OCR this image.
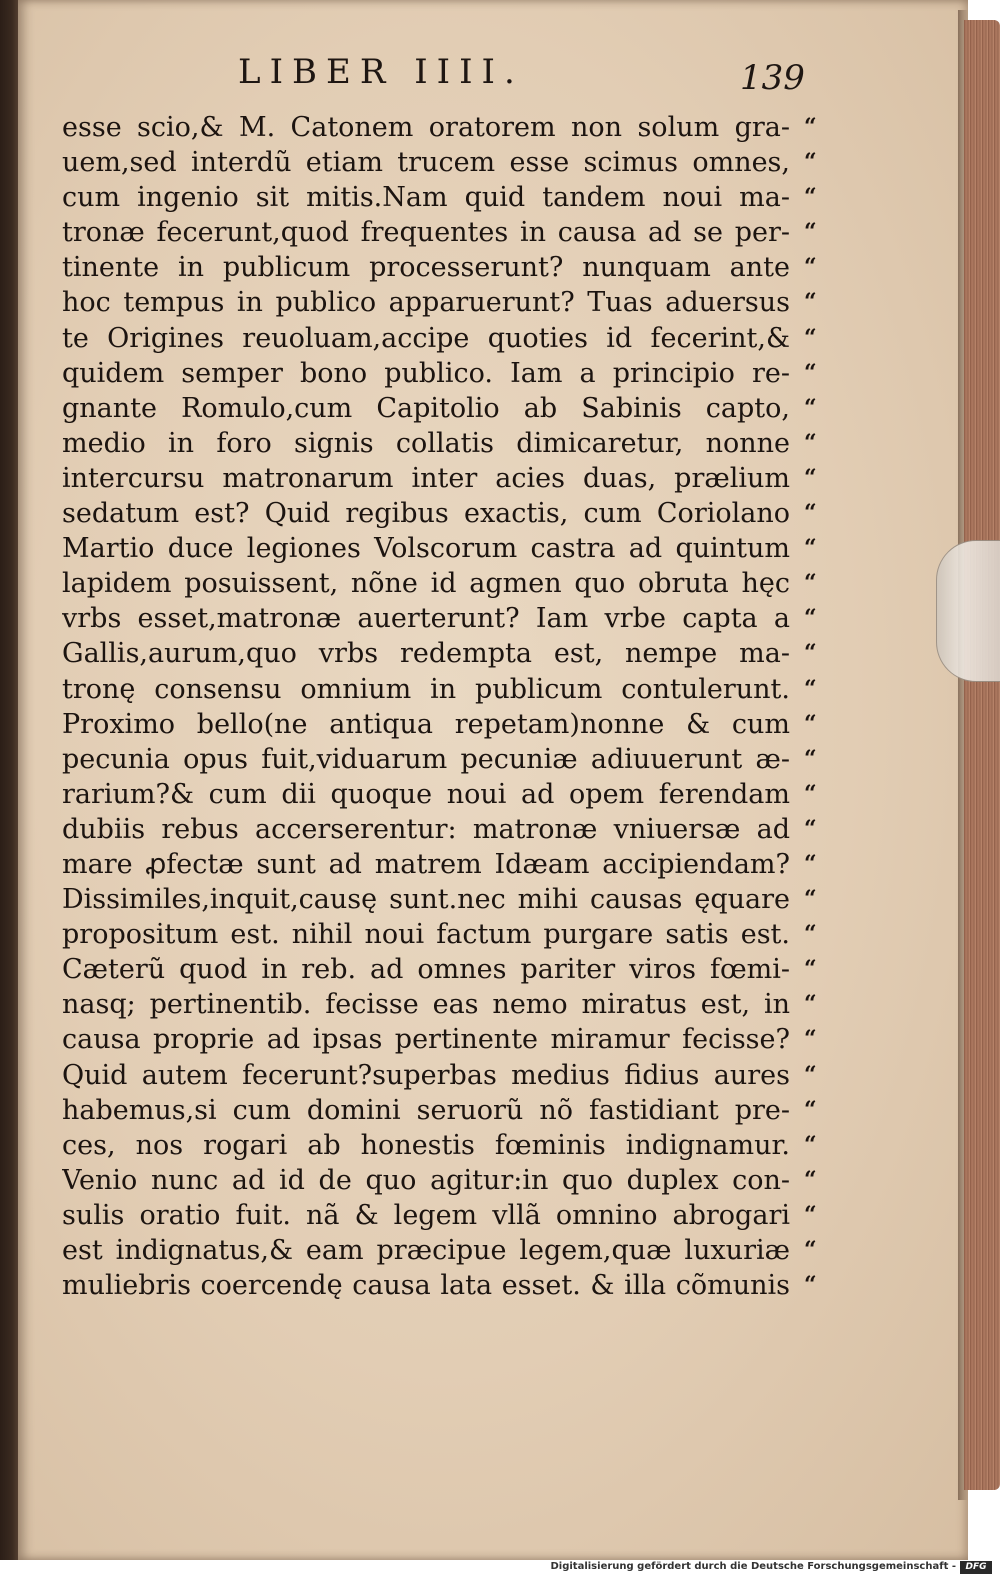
LIBER IIII.	139
esse scio,& M. Catonem oratorem non solum gra- “
uem,sed interdũ etiam trucem esse scimus omnes, “
cum ingenio sit mitis.Nam quid tandem noui ma- “
tronæ fecerunt,quod frequentes in causa ad se per- “
tinente in publicum processerunt? nunquam ante “
hoc tempus in publico apparuerunt? Tuas aduersus “
te Origines reuoluam,accipe quoties id fecerint,& “
quidem semper bono publico. Iam a principio re- “
gnante Romulo,cum Capitolio ab Sabinis capto, “
medio in foro signis collatis dimicaretur, nonne “
intercursu matronarum inter acies duas, prælium “
sedatum est? Quid regibus exactis, cum Coriolano “
Martio duce legiones Volscorum castra ad quintum “
lapidem posuissent, nõne id agmen quo obruta hęc “
vrbs esset,matronæ auerterunt? Iam vrbe capta a “
Gallis,aurum,quo vrbs redempta est, nempe ma- “
tronę consensu omnium in publicum contulerunt. “
Proximo bello(ne antiqua repetam)nonne & cum “
pecunia opus fuit,viduarum pecuniæ adiuuerunt æ- “
rarium?& cum dii quoque noui ad opem ferendam “
dubiis rebus accerserentur: matronæ vniuersæ ad “
mare ꝓfectæ sunt ad matrem Idæam accipiendam? “
Dissimiles,inquit,causę sunt.nec mihi causas ęquare “
propositum est. nihil noui factum purgare satis est. “
Cæterũ quod in reb. ad omnes pariter viros fœmi- “
nasq; pertinentib. fecisse eas nemo miratus est, in “
causa proprie ad ipsas pertinente miramur fecisse? “
Quid autem fecerunt?superbas medius fidius aures “
habemus,si cum domini seruorũ nõ fastidiant pre- “
ces, nos rogari ab honestis fœminis indignamur. “
Venio nunc ad id de quo agitur:in quo duplex con- “
sulis oratio fuit. nã & legem vllã omnino abrogari “
est indignatus,& eam præcipue legem,quæ luxuriæ “
muliebris coercendę causa lata esset. & illa cõmunis “
Digitalisierung gefördert durch die Deutsche Forschungsgemeinschaft -	DFG
